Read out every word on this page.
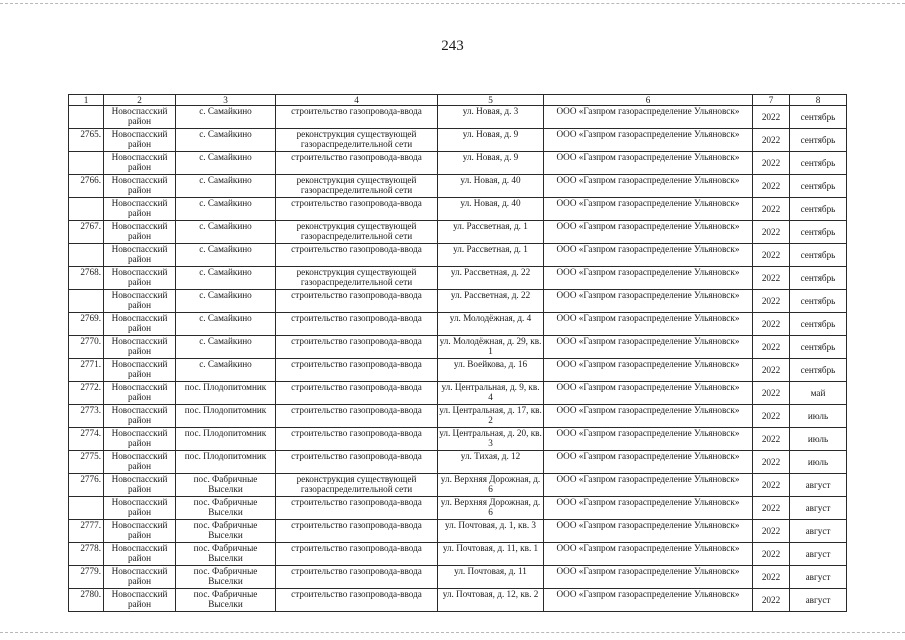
243
1	2	3	4	5	6	7	8
	Новоспасский район	с. Самайкино	строительство газопровода-ввода	ул. Новая, д. 3	ООО «Газпром газораспределение Ульяновск»	2022	сентябрь
2765.	Новоспасский район	с. Самайкино	реконструкция существующей газораспределительной сети	ул. Новая, д. 9	ООО «Газпром газораспределение Ульяновск»	2022	сентябрь
	Новоспасский район	с. Самайкино	строительство газопровода-ввода	ул. Новая, д. 9	ООО «Газпром газораспределение Ульяновск»	2022	сентябрь
2766.	Новоспасский район	с. Самайкино	реконструкция существующей газораспределительной сети	ул. Новая, д. 40	ООО «Газпром газораспределение Ульяновск»	2022	сентябрь
	Новоспасский район	с. Самайкино	строительство газопровода-ввода	ул. Новая, д. 40	ООО «Газпром газораспределение Ульяновск»	2022	сентябрь
2767.	Новоспасский район	с. Самайкино	реконструкция существующей газораспределительной сети	ул. Рассветная, д. 1	ООО «Газпром газораспределение Ульяновск»	2022	сентябрь
	Новоспасский район	с. Самайкино	строительство газопровода-ввода	ул. Рассветная, д. 1	ООО «Газпром газораспределение Ульяновск»	2022	сентябрь
2768.	Новоспасский район	с. Самайкино	реконструкция существующей газораспределительной сети	ул. Рассветная, д. 22	ООО «Газпром газораспределение Ульяновск»	2022	сентябрь
	Новоспасский район	с. Самайкино	строительство газопровода-ввода	ул. Рассветная, д. 22	ООО «Газпром газораспределение Ульяновск»	2022	сентябрь
2769.	Новоспасский район	с. Самайкино	строительство газопровода-ввода	ул. Молодёжная, д. 4	ООО «Газпром газораспределение Ульяновск»	2022	сентябрь
2770.	Новоспасский район	с. Самайкино	строительство газопровода-ввода	ул. Молодёжная, д. 29, кв. 1	ООО «Газпром газораспределение Ульяновск»	2022	сентябрь
2771.	Новоспасский район	с. Самайкино	строительство газопровода-ввода	ул. Воейкова, д. 16	ООО «Газпром газораспределение Ульяновск»	2022	сентябрь
2772.	Новоспасский район	пос. Плодопитомник	строительство газопровода-ввода	ул. Центральная, д. 9, кв. 4	ООО «Газпром газораспределение Ульяновск»	2022	май
2773.	Новоспасский район	пос. Плодопитомник	строительство газопровода-ввода	ул. Центральная, д. 17, кв. 2	ООО «Газпром газораспределение Ульяновск»	2022	июль
2774.	Новоспасский район	пос. Плодопитомник	строительство газопровода-ввода	ул. Центральная, д. 20, кв. 3	ООО «Газпром газораспределение Ульяновск»	2022	июль
2775.	Новоспасский район	пос. Плодопитомник	строительство газопровода-ввода	ул. Тихая, д. 12	ООО «Газпром газораспределение Ульяновск»	2022	июль
2776.	Новоспасский район	пос. Фабричные Выселки	реконструкция существующей газораспределительной сети	ул. Верхняя Дорожная, д. 6	ООО «Газпром газораспределение Ульяновск»	2022	август
	Новоспасский район	пос. Фабричные Выселки	строительство газопровода-ввода	ул. Верхняя Дорожная, д. 6	ООО «Газпром газораспределение Ульяновск»	2022	август
2777.	Новоспасский район	пос. Фабричные Выселки	строительство газопровода-ввода	ул. Почтовая, д. 1, кв. 3	ООО «Газпром газораспределение Ульяновск»	2022	август
2778.	Новоспасский район	пос. Фабричные Выселки	строительство газопровода-ввода	ул. Почтовая, д. 11, кв. 1	ООО «Газпром газораспределение Ульяновск»	2022	август
2779.	Новоспасский район	пос. Фабричные Выселки	строительство газопровода-ввода	ул. Почтовая, д. 11	ООО «Газпром газораспределение Ульяновск»	2022	август
2780.	Новоспасский район	пос. Фабричные Выселки	строительство газопровода-ввода	ул. Почтовая, д. 12, кв. 2	ООО «Газпром газораспределение Ульяновск»	2022	август
